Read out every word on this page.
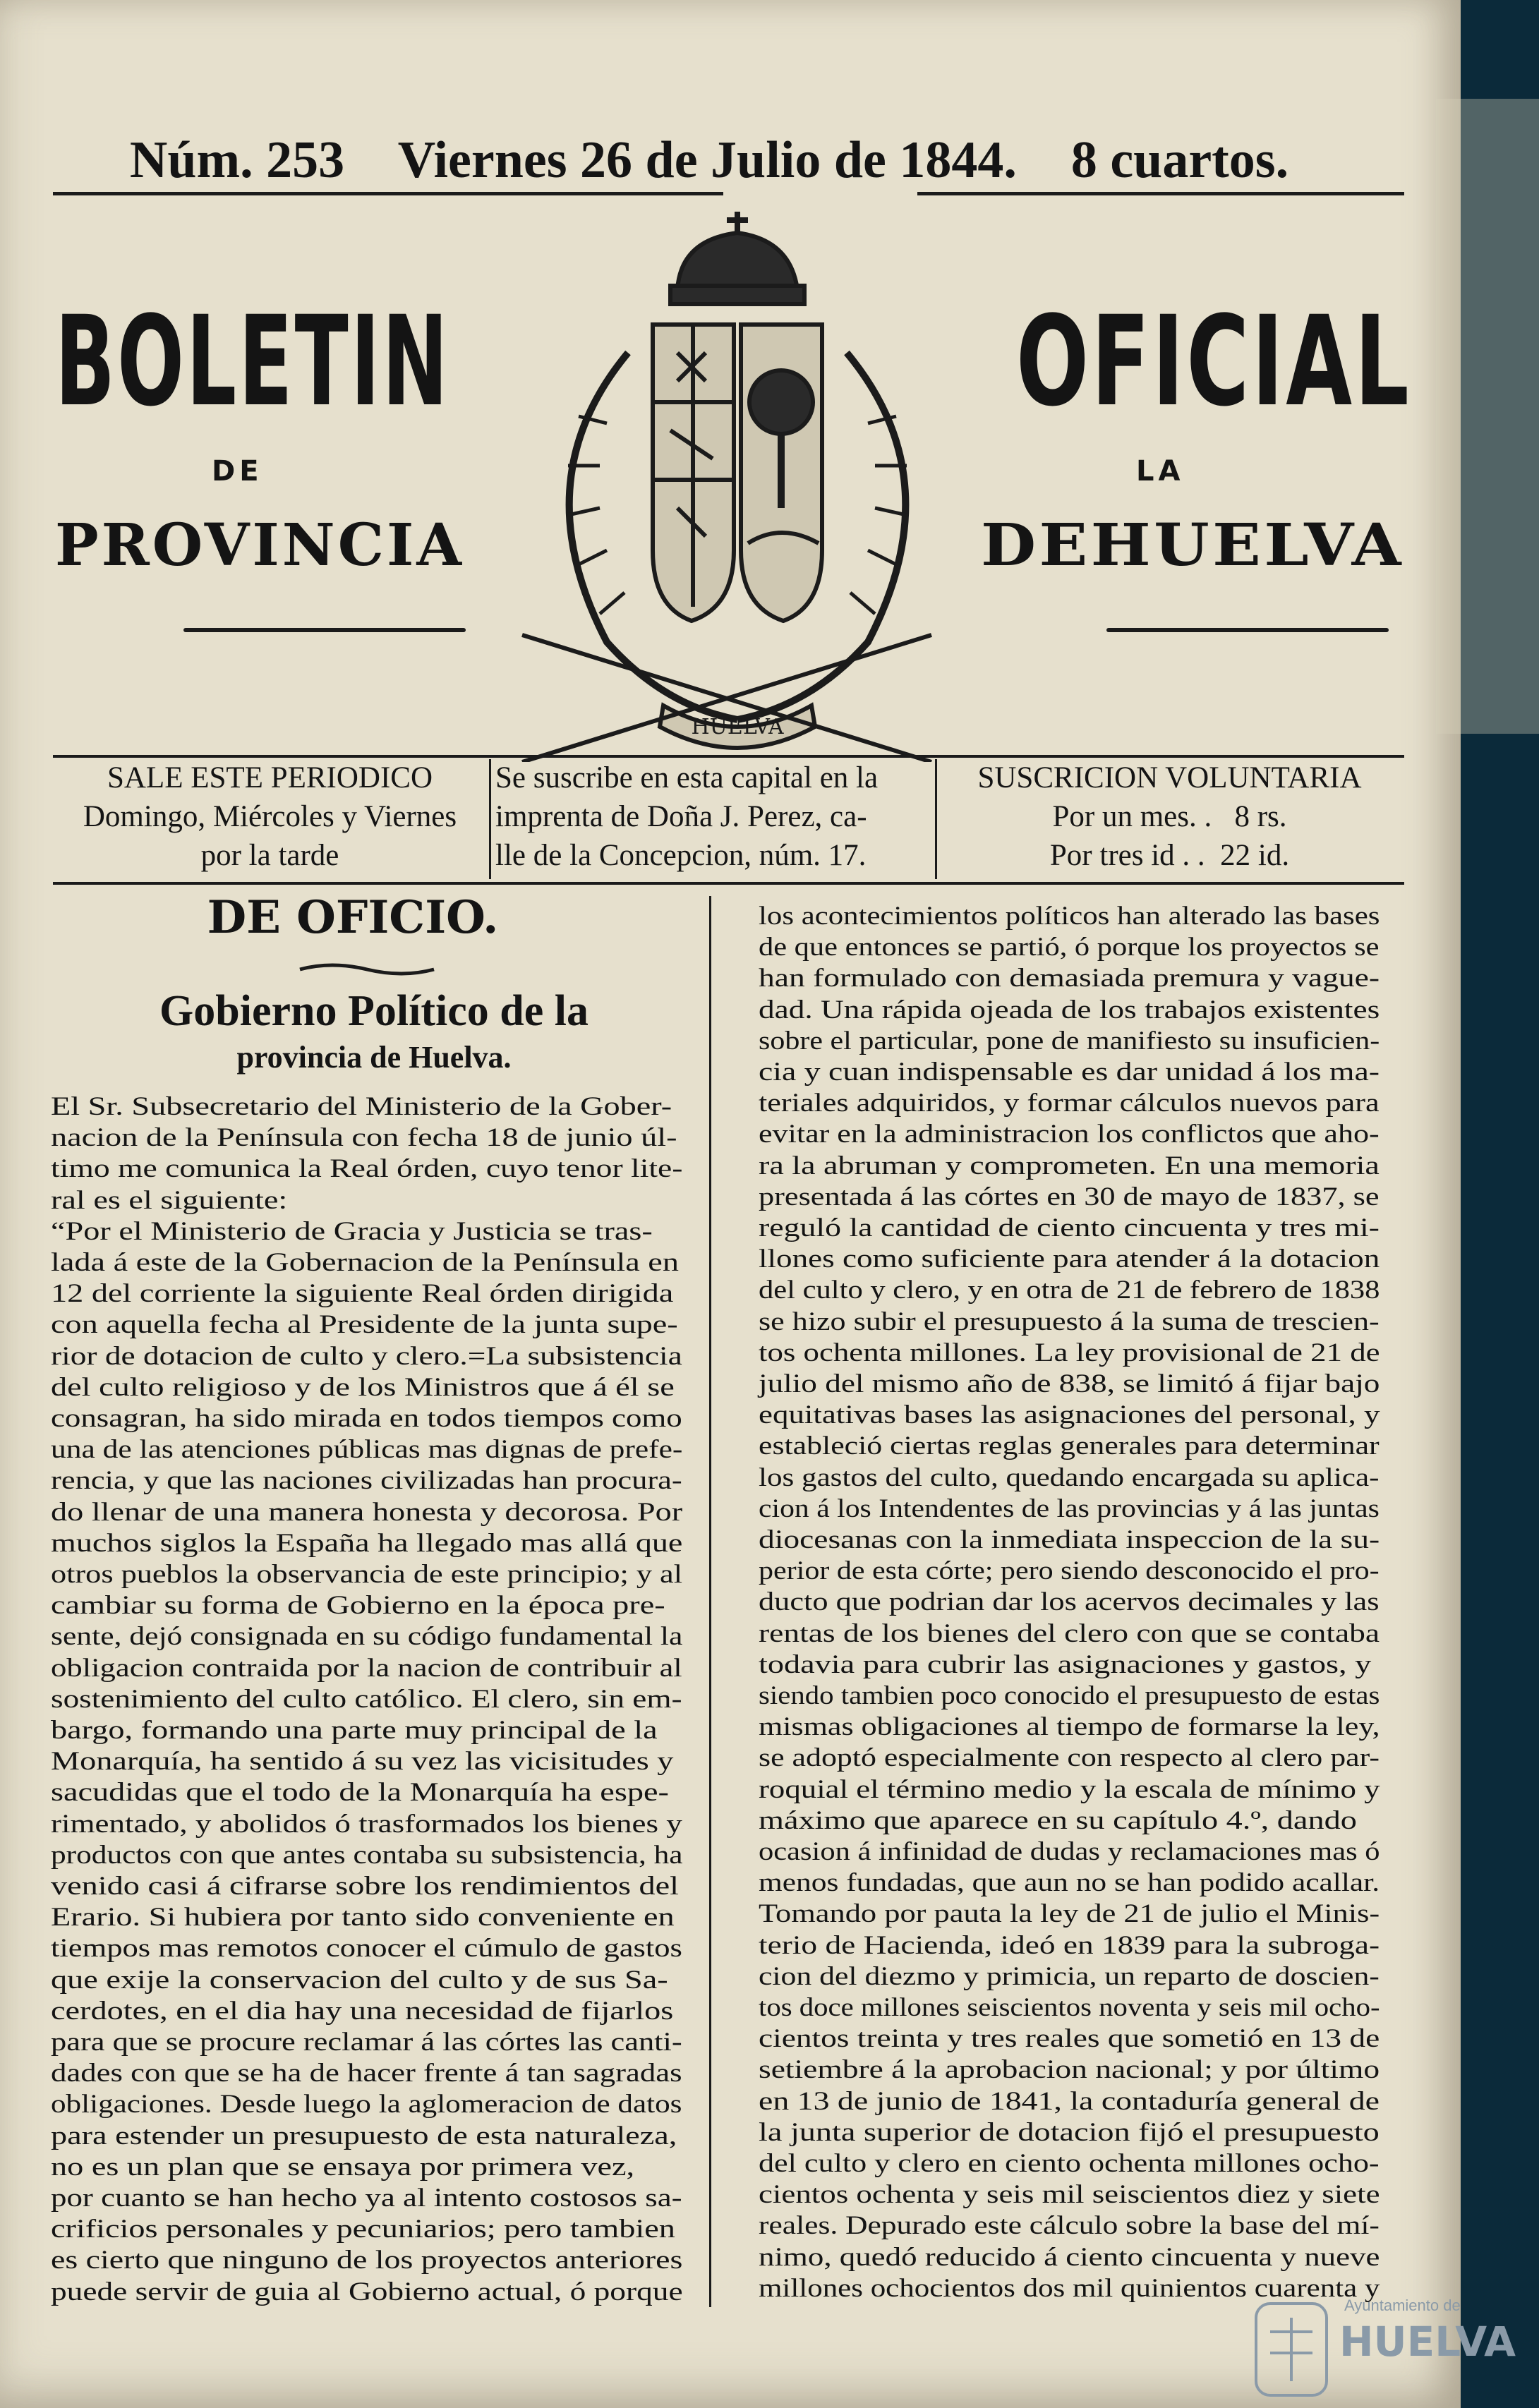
Núm. 253 Viernes 26 de Julio de 1844. 8 cuartos.
BOLETIN	OFICIAL
DE	LA
PROVINCIA	DEHUELVA
HUELVA
SALE ESTE PERIODICO
Domingo, Miércoles y Viernes
por la tarde
Se suscribe en esta capital en la
imprenta de Doña J. Perez, ca-
lle de la Concepcion, núm. 17.
SUSCRICION VOLUNTARIA
Por un mes. .   8 rs.
Por tres id . .  22 id.
DE OFICIO.
Gobierno Político de la
provincia de Huelva.
El Sr. Subsecretario del Ministerio de la Gober-
nacion de la Península con fecha 18 de junio úl-
timo me comunica la Real órden, cuyo tenor lite-
ral es el siguiente:
“Por el Ministerio de Gracia y Justicia se tras-
lada á este de la Gobernacion de la Península en
12 del corriente la siguiente Real órden dirigida
con aquella fecha al Presidente de la junta supe-
rior de dotacion de culto y clero.=La subsistencia
del culto religioso y de los Ministros que á él se
consagran, ha sido mirada en todos tiempos como
una de las atenciones públicas mas dignas de prefe-
rencia, y que las naciones civilizadas han procura-
do llenar de una manera honesta y decorosa. Por
muchos siglos la España ha llegado mas allá que
otros pueblos la observancia de este principio; y al
cambiar su forma de Gobierno en la época pre-
sente, dejó consignada en su código fundamental la
obligacion contraida por la nacion de contribuir al
sostenimiento del culto católico. El clero, sin em-
bargo, formando una parte muy principal de la
Monarquía, ha sentido á su vez las vicisitudes y
sacudidas que el todo de la Monarquía ha espe-
rimentado, y abolidos ó trasformados los bienes y
productos con que antes contaba su subsistencia, ha
venido casi á cifrarse sobre los rendimientos del
Erario. Si hubiera por tanto sido conveniente en
tiempos mas remotos conocer el cúmulo de gastos
que exije la conservacion del culto y de sus Sa-
cerdotes, en el dia hay una necesidad de fijarlos
para que se procure reclamar á las córtes las canti-
dades con que se ha de hacer frente á tan sagradas
obligaciones. Desde luego la aglomeracion de datos
para estender un presupuesto de esta naturaleza,
no es un plan que se ensaya por primera vez,
por cuanto se han hecho ya al intento costosos sa-
crificios personales y pecuniarios; pero tambien
es cierto que ninguno de los proyectos anteriores
puede servir de guia al Gobierno actual, ó porque
los acontecimientos políticos han alterado las bases
de que entonces se partió, ó porque los proyectos se
han formulado con demasiada premura y vague-
dad. Una rápida ojeada de los trabajos existentes
sobre el particular, pone de manifiesto su insuficien-
cia y cuan indispensable es dar unidad á los ma-
teriales adquiridos, y formar cálculos nuevos para
evitar en la administracion los conflictos que aho-
ra la abruman y comprometen. En una memoria
presentada á las córtes en 30 de mayo de 1837, se
reguló la cantidad de ciento cincuenta y tres mi-
llones como suficiente para atender á la dotacion
del culto y clero, y en otra de 21 de febrero de 1838
se hizo subir el presupuesto á la suma de trescien-
tos ochenta millones. La ley provisional de 21 de
julio del mismo año de 838, se limitó á fijar bajo
equitativas bases las asignaciones del personal, y
estableció ciertas reglas generales para determinar
los gastos del culto, quedando encargada su aplica-
cion á los Intendentes de las provincias y á las juntas
diocesanas con la inmediata inspeccion de la su-
perior de esta córte; pero siendo desconocido el pro-
ducto que podrian dar los acervos decimales y las
rentas de los bienes del clero con que se contaba
todavia para cubrir las asignaciones y gastos, y
siendo tambien poco conocido el presupuesto de estas
mismas obligaciones al tiempo de formarse la ley,
se adoptó especialmente con respecto al clero par-
roquial el término medio y la escala de mínimo y
máximo que aparece en su capítulo 4.º, dando
ocasion á infinidad de dudas y reclamaciones mas ó
menos fundadas, que aun no se han podido acallar.
Tomando por pauta la ley de 21 de julio el Minis-
terio de Hacienda, ideó en 1839 para la subroga-
cion del diezmo y primicia, un reparto de doscien-
tos doce millones seiscientos noventa y seis mil ocho-
cientos treinta y tres reales que sometió en 13 de
setiembre á la aprobacion nacional; y por último
en 13 de junio de 1841, la contaduría general de
la junta superior de dotacion fijó el presupuesto
del culto y clero en ciento ochenta millones ocho-
cientos ochenta y seis mil seiscientos diez y siete
reales. Depurado este cálculo sobre la base del mí-
nimo, quedó reducido á ciento cincuenta y nueve
millones ochocientos dos mil quinientos cuarenta y
Ayuntamiento de
HUELVA
